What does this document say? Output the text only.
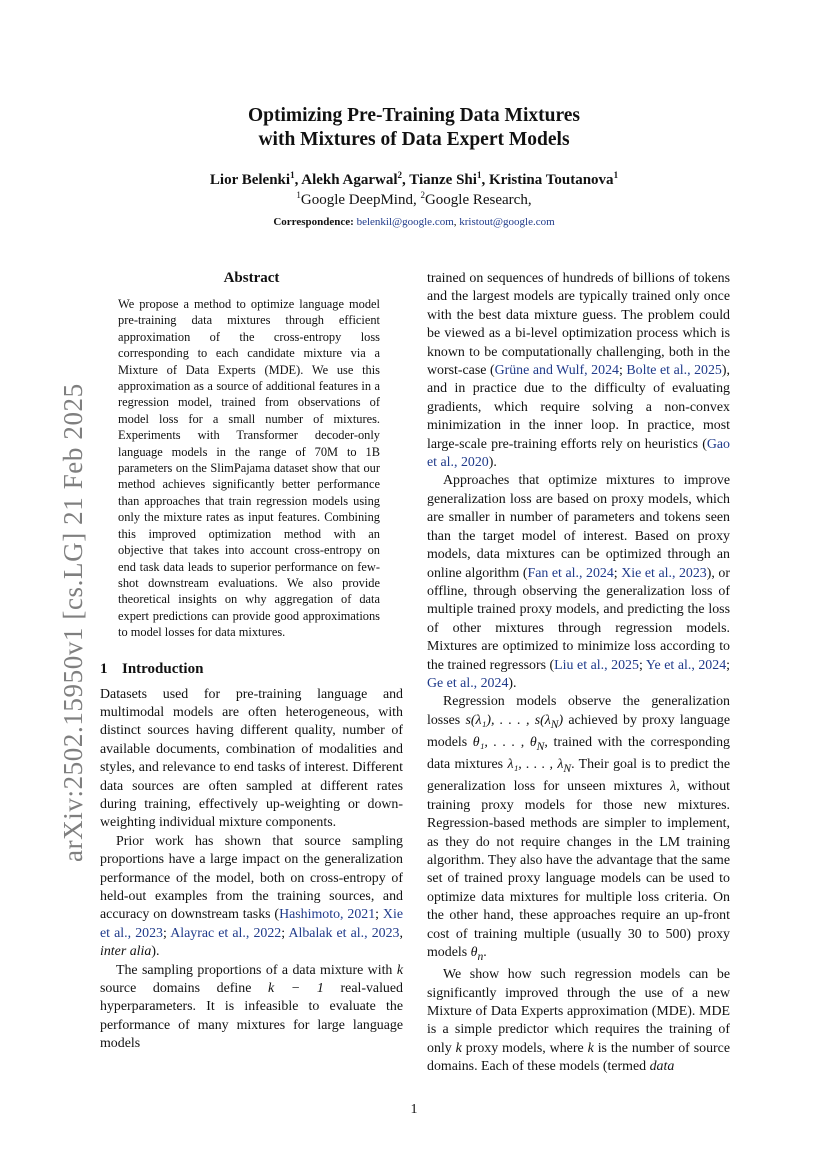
arXiv:2502.15950v1 [cs.LG] 21 Feb 2025
Optimizing Pre-Training Data Mixtures
with Mixtures of Data Expert Models
Lior Belenki$^1$, Alekh Agarwal$^2$, Tianze Shi$^1$, Kristina Toutanova$^1$
$^1$Google DeepMind, $^2$Google Research,
Correspondence: belenkil@google.com, kristout@google.com
Abstract

We propose a method to optimize language model pre-training data mixtures through efficient approximation of the cross-entropy loss corresponding to each candidate mixture via a Mixture of Data Experts (MDE). We use this approximation as a source of additional features in a regression model, trained from observations of model loss for a small number of mixtures. Experiments with Transformer decoder-only language models in the range of 70M to 1B parameters on the SlimPajama dataset show that our method achieves significantly better performance than approaches that train regression models using only the mixture rates as input features. Combining this improved optimization method with an objective that takes into account cross-entropy on end task data leads to superior performance on few-shot downstream evaluations. We also provide theoretical insights on why aggregation of data expert predictions can provide good approximations to model losses for data mixtures.

1 Introduction

Datasets used for pre-training language and multimodal models are often heterogeneous, with distinct sources having different quality, number of available documents, combination of modalities and styles, and relevance to end tasks of interest. Different data sources are often sampled at different rates during training, effectively up-weighting or down-weighting individual mixture components.

Prior work has shown that source sampling proportions have a large impact on the generalization performance of the model, both on cross-entropy of held-out examples from the training sources, and accuracy on downstream tasks (Hashimoto, 2021; Xie et al., 2023; Alayrac et al., 2022; Albalak et al., 2023, inter alia).

The sampling proportions of a data mixture with k source domains define k − 1 real-valued hyperparameters. It is infeasible to evaluate the performance of many mixtures for large language models

trained on sequences of hundreds of billions of tokens and the largest models are typically trained only once with the best data mixture guess. The problem could be viewed as a bi-level optimization process which is known to be computationally challenging, both in the worst-case (Grüne and Wulf, 2024; Bolte et al., 2025), and in practice due to the difficulty of evaluating gradients, which require solving a non-convex minimization in the inner loop. In practice, most large-scale pre-training efforts rely on heuristics (Gao et al., 2020).

Approaches that optimize mixtures to improve generalization loss are based on proxy models, which are smaller in number of parameters and tokens seen than the target model of interest. Based on proxy models, data mixtures can be optimized through an online algorithm (Fan et al., 2024; Xie et al., 2023), or offline, through observing the generalization loss of multiple trained proxy models, and predicting the loss of other mixtures through regression models. Mixtures are optimized to minimize loss according to the trained regressors (Liu et al., 2025; Ye et al., 2024; Ge et al., 2024).

Regression models observe the generalization losses s(λ₁), . . . , $s(\lambda_N)$ achieved by proxy language models θ₁, . . . , $\theta_N$, trained with the corresponding data mixtures λ₁, . . . , $\lambda_N$. Their goal is to predict the generalization loss for unseen mixtures λ, without training proxy models for those new mixtures. Regression-based methods are simpler to implement, as they do not require changes in the LM training algorithm. They also have the advantage that the same set of trained proxy language models can be used to optimize data mixtures for multiple loss criteria. On the other hand, these approaches require an up-front cost of training multiple (usually 30 to 500) proxy models $\theta_n$.

We show how such regression models can be significantly improved through the use of a new Mixture of Data Experts approximation (MDE). MDE is a simple predictor which requires the training of only k proxy models, where k is the number of source domains. Each of these models (termed data

1
